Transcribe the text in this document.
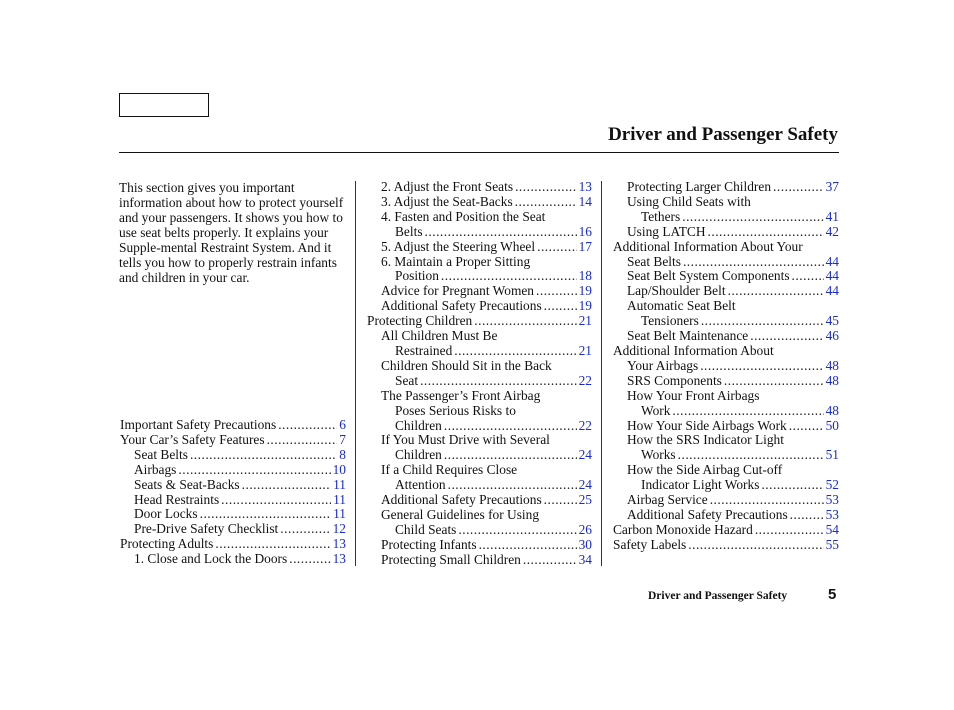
Driver and Passenger Safety
This section gives you important information about how to protect yourself and your passengers. It shows you how to use seat belts properly. It explains your Supple-mental Restraint System. And it tells you how to properly restrain infants and children in your car.
Important Safety Precautions .....	6
Your Car’s Safety Features .....	7
Seat Belts .....	8
Airbags .....	10
Seats & Seat-Backs .....	11
Head Restraints .....	11
Door Locks .....	11
Pre-Drive Safety Checklist .....	12
Protecting Adults .....	13
1. Close and Lock the Doors .....	13
2. Adjust the Front Seats .....	13
3. Adjust the Seat-Backs .....	14
4. Fasten and Position the Seat
Belts .....	16
5. Adjust the Steering Wheel .....	17
6. Maintain a Proper Sitting
Position .....	18
Advice for Pregnant Women .....	19
Additional Safety Precautions .....	19
Protecting Children .....	21
All Children Must Be
Restrained .....	21
Children Should Sit in the Back
Seat .....	22
The Passenger’s Front Airbag
Poses Serious Risks to
Children .....	22
If You Must Drive with Several
Children .....	24
If a Child Requires Close
Attention .....	24
Additional Safety Precautions .....	25
General Guidelines for Using
Child Seats .....	26
Protecting Infants .....	30
Protecting Small Children .....	34
Protecting Larger Children .....	37
Using Child Seats with
Tethers .....	41
Using LATCH .....	42
Additional Information About Your
Seat Belts .....	44
Seat Belt System Components .....	44
Lap/Shoulder Belt .....	44
Automatic Seat Belt
Tensioners .....	45
Seat Belt Maintenance .....	46
Additional Information About
Your Airbags .....	48
SRS Components .....	48
How Your Front Airbags
Work .....	48
How Your Side Airbags Work .....	50
How the SRS Indicator Light
Works .....	51
How the Side Airbag Cut-off
Indicator Light Works .....	52
Airbag Service .....	53
Additional Safety Precautions .....	53
Carbon Monoxide Hazard .....	54
Safety Labels .....	55
Driver and Passenger Safety	5
